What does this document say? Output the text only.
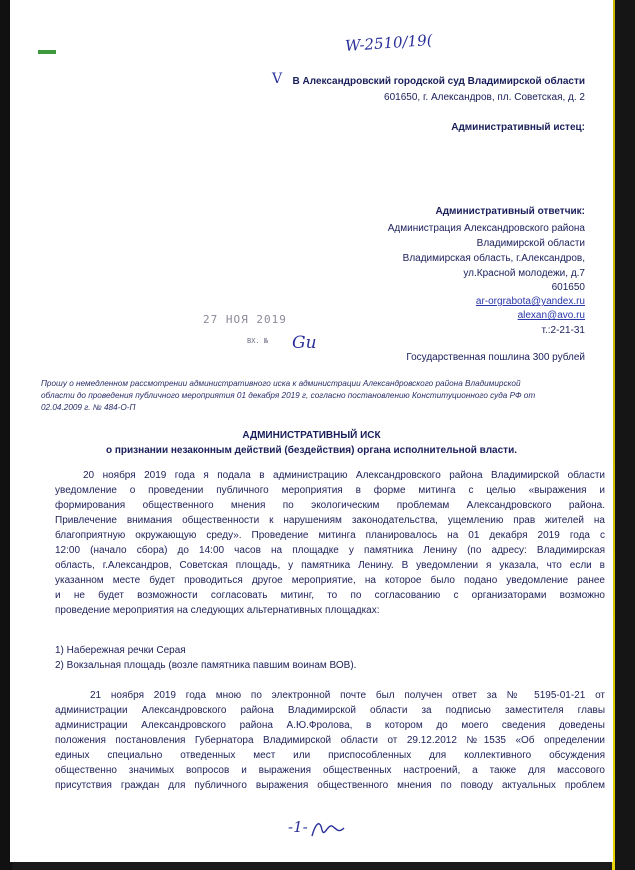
W-2510/19(
V В Александровский городской суд Владимирской области
601650, г. Александров, пл. Советская, д. 2
Административный истец:
Административный ответчик:
Администрация Александровского района
Владимирской области
Владимирская область, г.Александров,
ул.Красной молодежи, д.7
601650
ar-orgrabota@yandex.ru
alexan@avo.ru
т.:2-21-31
Государственная пошлина 300 рублей
27 НОЯ 2019
ВХ. № Gu
Прошу о немедленном рассмотрении административного иска к администрации Александровского района Владимирской
области до проведения публичного мероприятия 01 декабря 2019 г, согласно постановлению Конституционного суда РФ от
02.04.2009 г. № 484-О-П
АДМИНИСТРАТИВНЫЙ ИСК
о признании незаконным действий (бездействия) органа исполнительной власти.
20 ноября 2019 года я подала в администрацию Александровского района Владимирской области
уведомление о проведении публичного мероприятия в форме митинга с целью «выражения и
формирования общественного мнения по экологическим проблемам Александровского района.
Привлечение внимания общественности к нарушениям законодательства, ущемлению прав жителей на
благоприятную окружающую среду». Проведение митинга планировалось на 01 декабря 2019 года с
12:00 (начало сбора) до 14:00 часов на площадке у памятника Ленину (по адресу: Владимирская
область, г.Александров, Советская площадь, у памятника Ленину. В уведомлении я указала, что если в
указанном месте будет проводиться другое мероприятие, на которое было подано уведомление ранее
и не будет возможности согласовать митинг, то по согласованию с организаторами возможно
проведение мероприятия на следующих альтернативных площадках:
1) Набережная речки Серая
2) Вокзальная площадь (возле памятника павшим воинам ВОВ).
21 ноября 2019 года мною по электронной почте был получен ответ за № 5195-01-21 от
администрации Александровского района Владимирской области за подписью заместителя главы
администрации Александровского района А.Ю.Фролова, в котором до моего сведения доведены
положения постановления Губернатора Владимирской области от 29.12.2012 №1535 «Об определении
единых специально отведенных мест или приспособленных для коллективного обсуждения
общественно значимых вопросов и выражения общественных настроений, а также для массового
присутствия граждан для публичного выражения общественного мнения по поводу актуальных проблем
-1-
